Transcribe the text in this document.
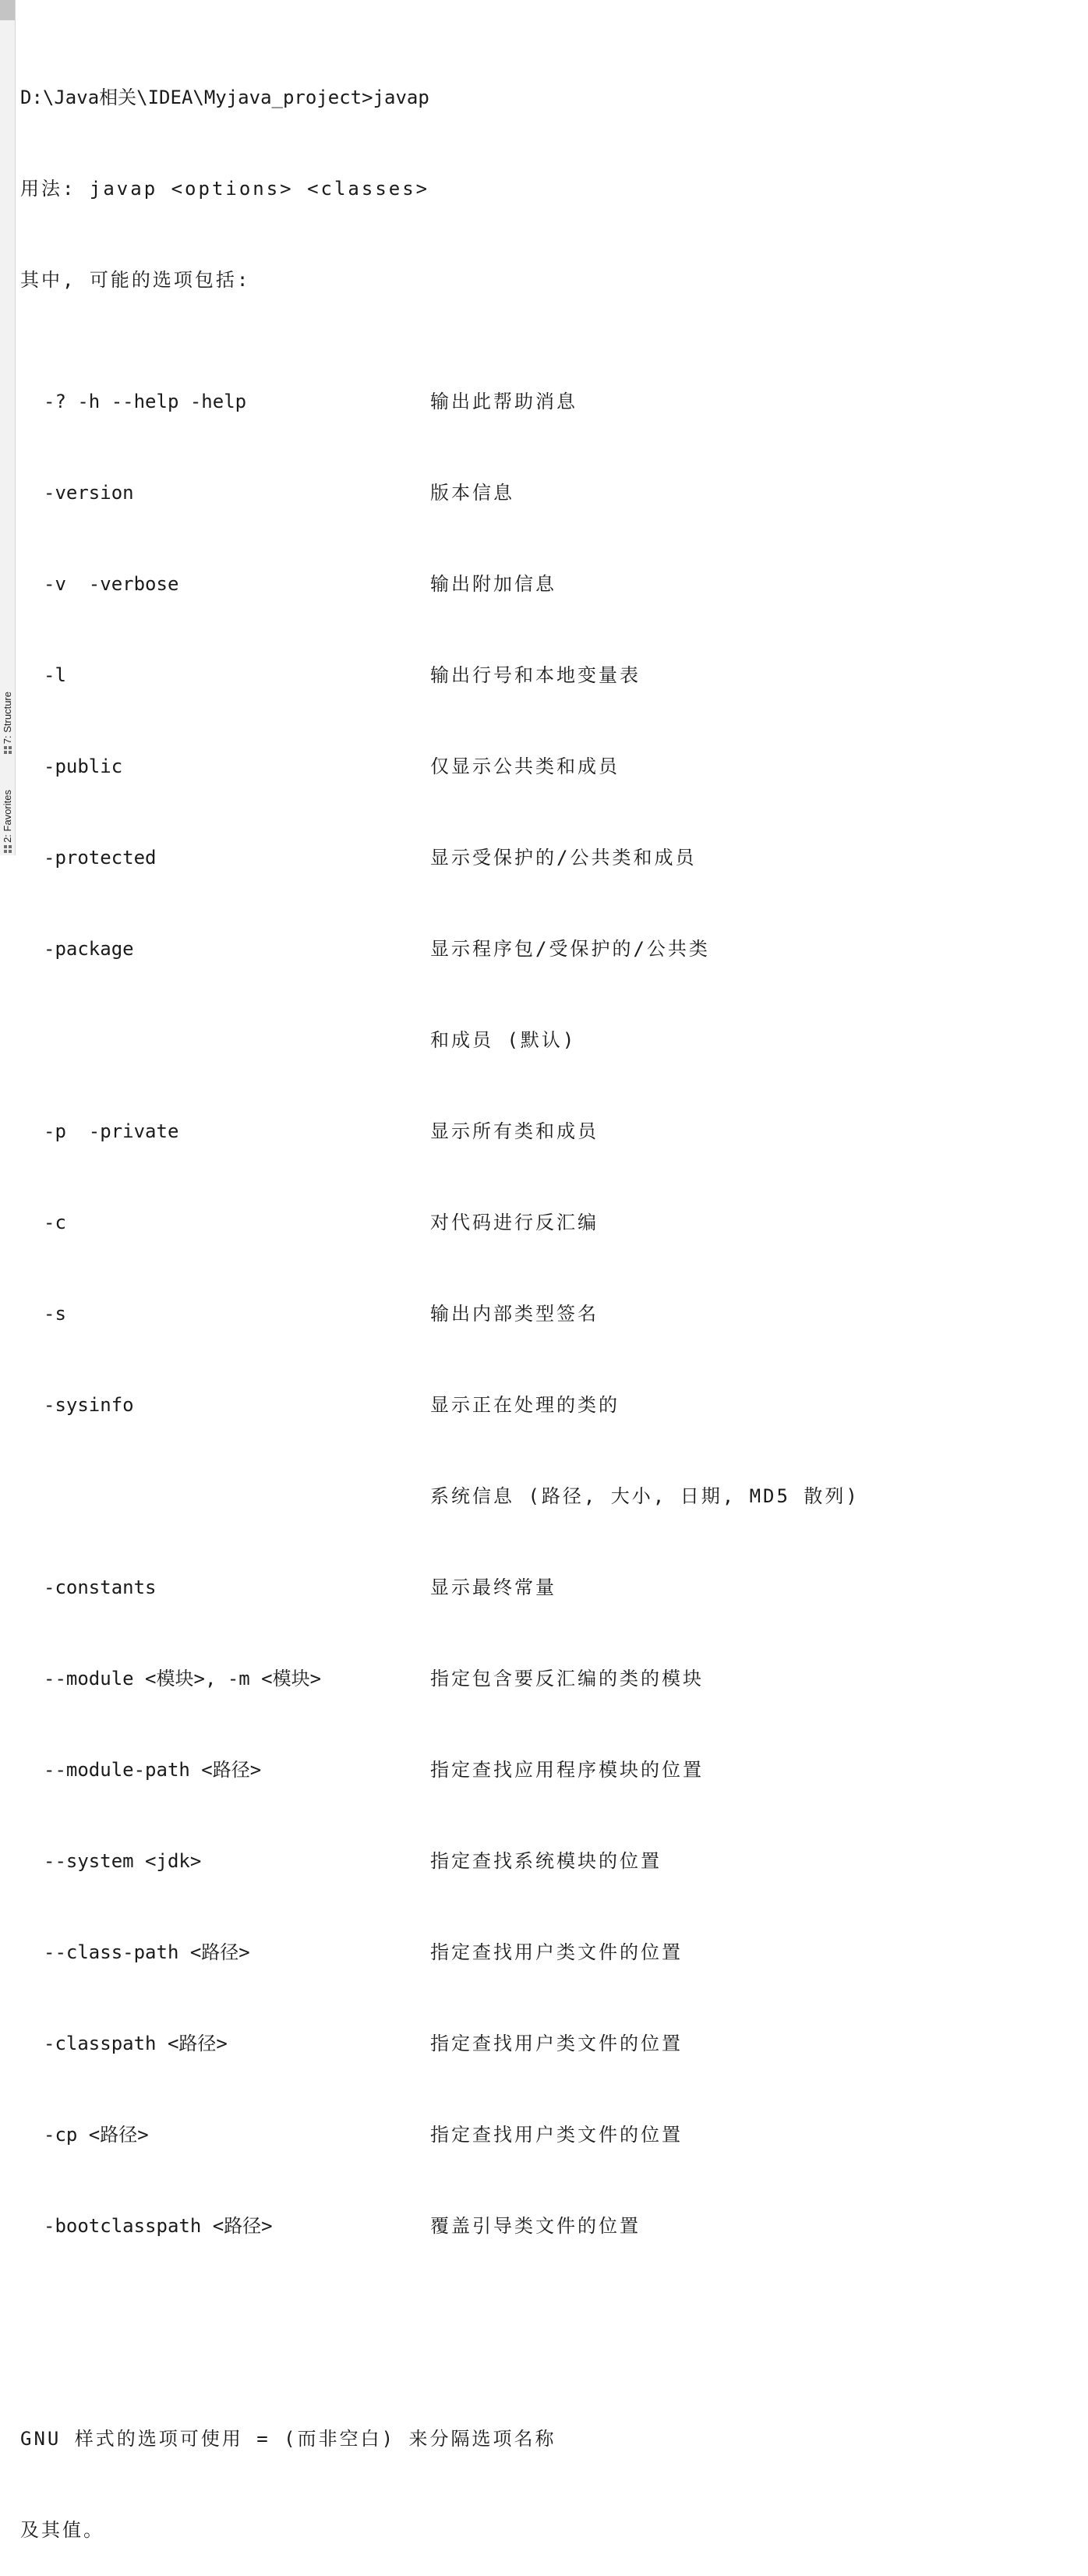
7: Structure
2: Favorites

D:\Java相关\IDEA\Myjava_project>javap

用法: javap <options> <classes>

其中, 可能的选项包括:

-? -h --help -help	输出此帮助消息

-version	版本信息

-v  -verbose	输出附加信息

-l	输出行号和本地变量表

-public	仅显示公共类和成员

-protected	显示受保护的/公共类和成员

-package	显示程序包/受保护的/公共类

和成员 (默认)

-p  -private	显示所有类和成员

-c	对代码进行反汇编

-s	输出内部类型签名

-sysinfo	显示正在处理的类的

系统信息 (路径, 大小, 日期, MD5 散列)

-constants	显示最终常量

--module <模块>, -m <模块>	指定包含要反汇编的类的模块

--module-path <路径>	指定查找应用程序模块的位置

--system <jdk>	指定查找系统模块的位置

--class-path <路径>	指定查找用户类文件的位置

-classpath <路径>	指定查找用户类文件的位置

-cp <路径>	指定查找用户类文件的位置

-bootclasspath <路径>	覆盖引导类文件的位置

GNU 样式的选项可使用 = (而非空白) 来分隔选项名称

及其值。
